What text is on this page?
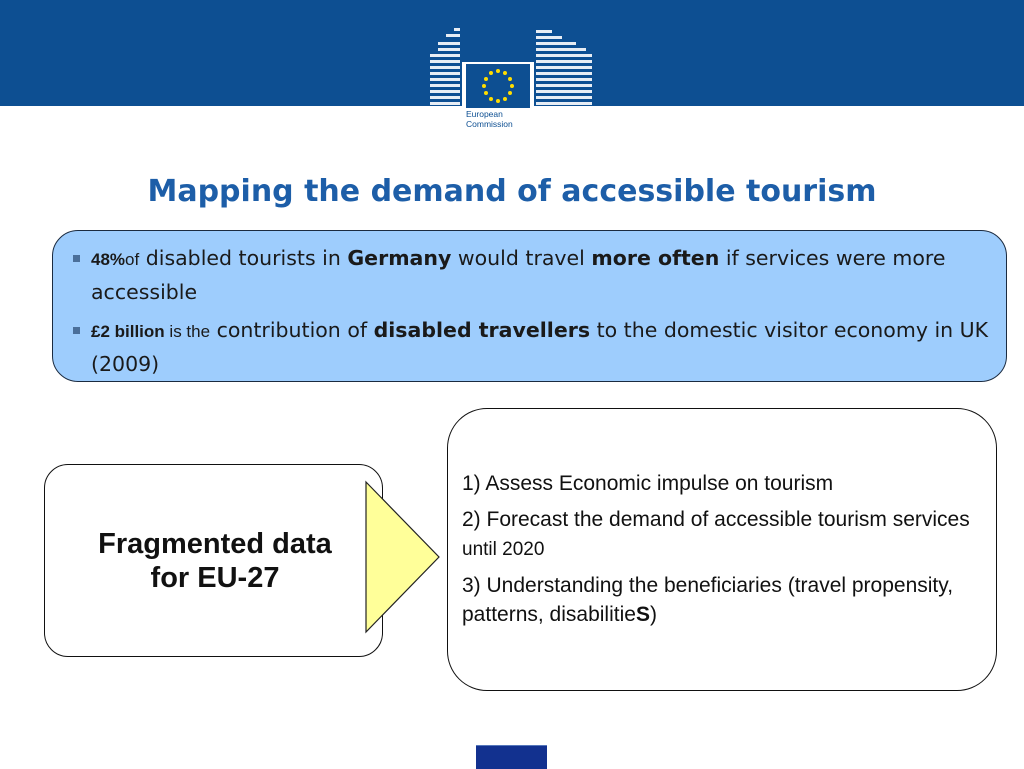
European
Commission
Mapping the demand of accessible tourism
48%of disabled tourists in Germany would travel more often if services were more accessible
£2 billion is the contribution of disabled travellers to the domestic visitor economy in UK (2009)
Fragmented data
for EU-27
1) Assess Economic impulse on tourism
2) Forecast the demand of accessible tourism services until 2020
3) Understanding the beneficiaries (travel propensity, patterns, disabilitieS)
